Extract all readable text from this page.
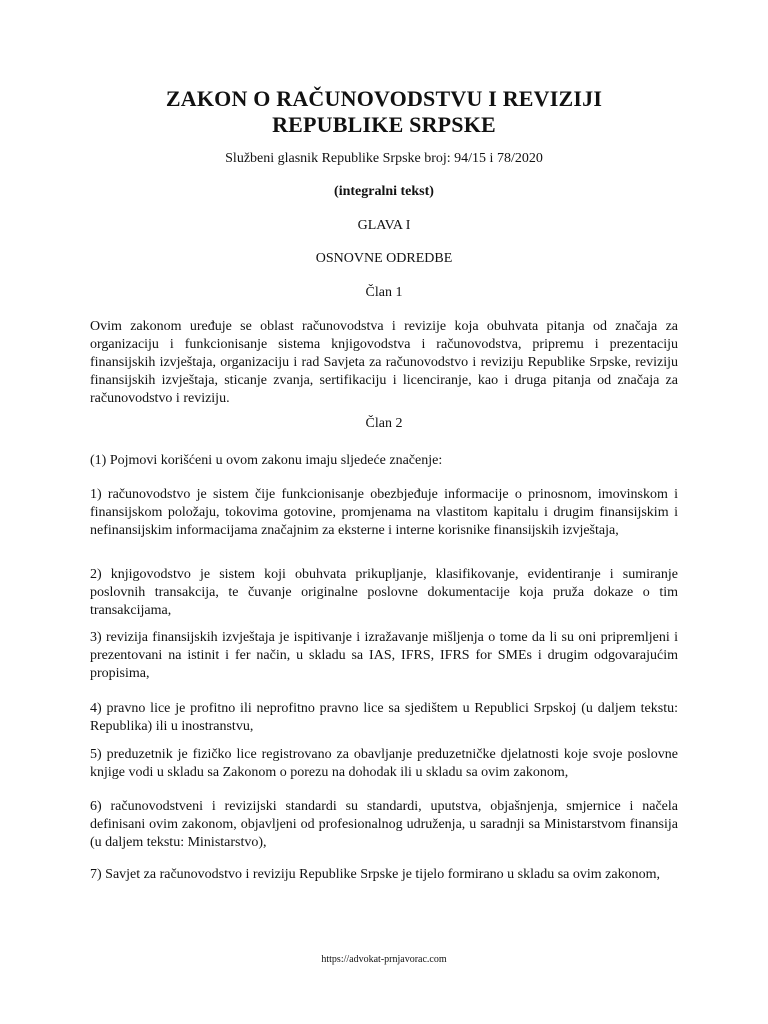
ZAKON O RAČUNOVODSTVU I REVIZIJI
REPUBLIKE SRPSKE
Službeni glasnik Republike Srpske broj: 94/15 i 78/2020
(integralni tekst)
GLAVA I
OSNOVNE ODREDBE
Član 1
Ovim zakonom uređuje se oblast računovodstva i revizije koja obuhvata pitanja od značaja za organizaciju i funkcionisanje sistema knjigovodstva i računovodstva, pripremu i prezentaciju finansijskih izvještaja, organizaciju i rad Savjeta za računovodstvo i reviziju Republike Srpske, reviziju finansijskih izvještaja, sticanje zvanja, sertifikaciju i licenciranje, kao i druga pitanja od značaja za računovodstvo i reviziju.
Član 2
(1) Pojmovi korišćeni u ovom zakonu imaju sljedeće značenje:
1) računovodstvo je sistem čije funkcionisanje obezbjeđuje informacije o prinosnom, imovinskom i finansijskom položaju, tokovima gotovine, promjenama na vlastitom kapitalu i drugim finansijskim i nefinansijskim informacijama značajnim za eksterne i interne korisnike finansijskih izvještaja,
2) knjigovodstvo je sistem koji obuhvata prikupljanje, klasifikovanje, evidentiranje i sumiranje poslovnih transakcija, te čuvanje originalne poslovne dokumentacije koja pruža dokaze o tim transakcijama,
3) revizija finansijskih izvještaja je ispitivanje i izražavanje mišljenja o tome da li su oni pripremljeni i prezentovani na istinit i fer način, u skladu sa IAS, IFRS, IFRS for SMEs i drugim odgovarajućim propisima,
4) pravno lice je profitno ili neprofitno pravno lice sa sjedištem u Republici Srpskoj (u daljem tekstu: Republika) ili u inostranstvu,
5) preduzetnik je fizičko lice registrovano za obavljanje preduzetničke djelatnosti koje svoje poslovne knjige vodi u skladu sa Zakonom o porezu na dohodak ili u skladu sa ovim zakonom,
6) računovodstveni i revizijski standardi su standardi, uputstva, objašnjenja, smjernice i načela definisani ovim zakonom, objavljeni od profesionalnog udruženja, u saradnji sa Ministarstvom finansija (u daljem tekstu: Ministarstvo),
7) Savjet za računovodstvo i reviziju Republike Srpske je tijelo formirano u skladu sa ovim zakonom,
https://advokat-prnjavorac.com
